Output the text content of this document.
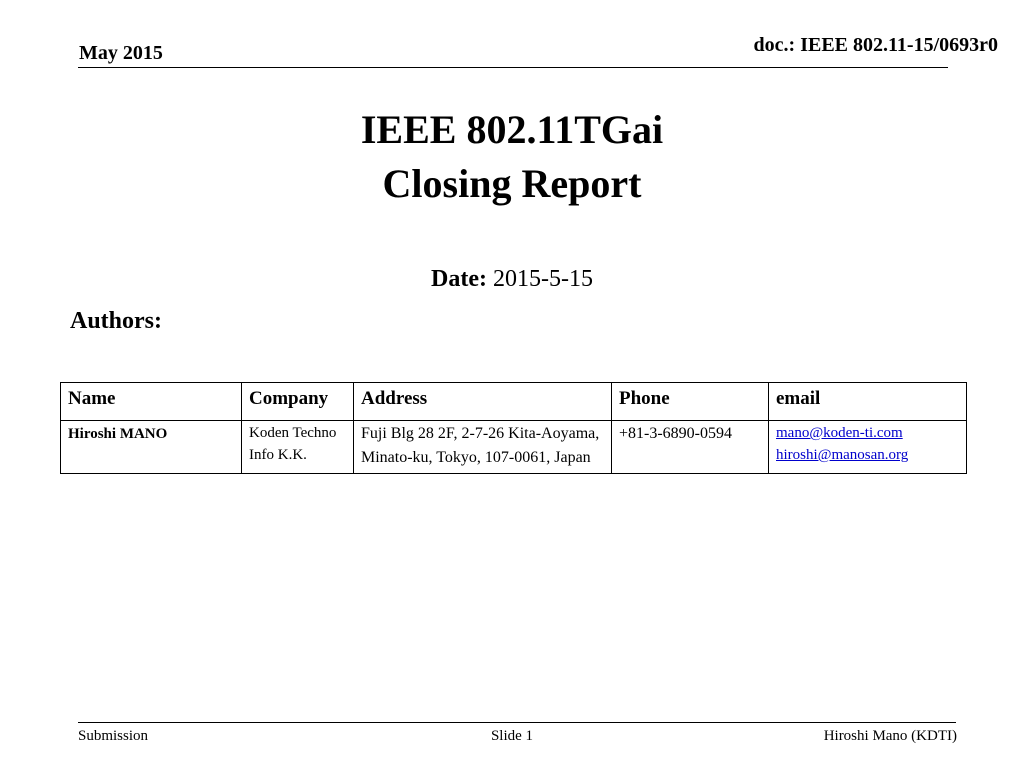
May 2015	doc.: IEEE 802.11-15/0693r0
IEEE 802.11TGai
Closing Report
Date: 2015-5-15
Authors:
Name	Company	Address	Phone	email
Hiroshi MANO	Koden Techno Info K.K.	Fuji Blg 28 2F, 2-7-26 Kita-Aoyama, Minato-ku, Tokyo, 107-0061, Japan	+81-3-6890-0594	mano@koden-ti.com
hiroshi@manosan.org
Submission	Slide 1	Hiroshi Mano (KDTI)
